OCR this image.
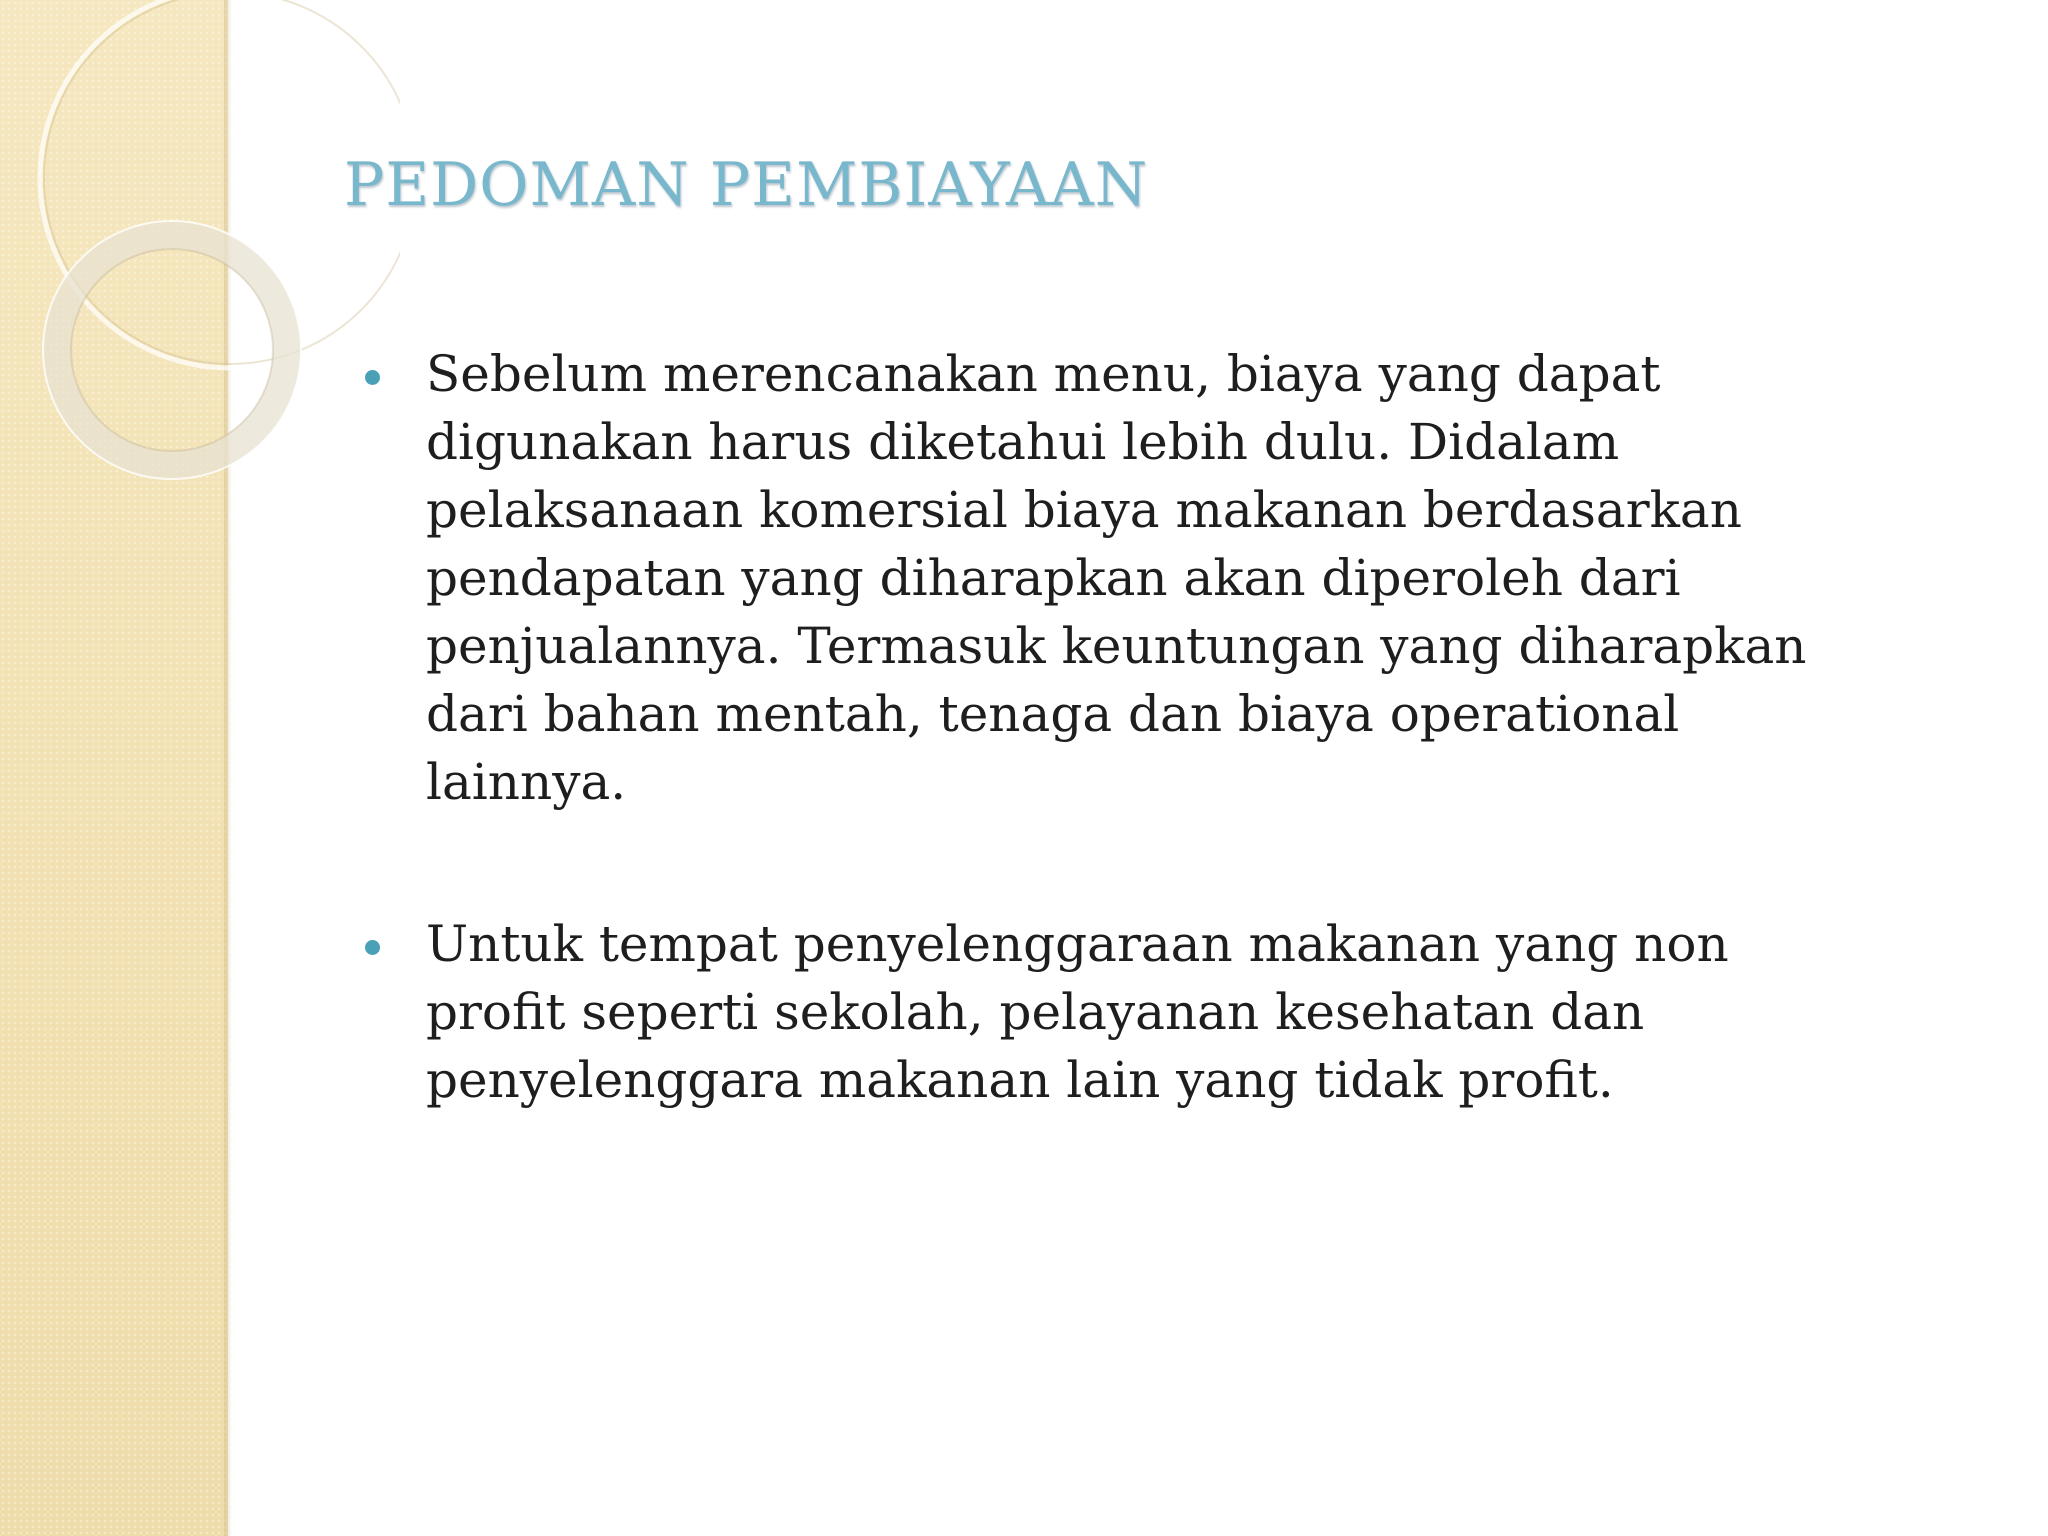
PEDOMAN PEMBIAYAAN
Sebelum merencanakan menu, biaya yang dapat
digunakan harus diketahui lebih dulu. Didalam
pelaksanaan komersial biaya makanan berdasarkan
pendapatan yang diharapkan akan diperoleh dari
penjualannya. Termasuk keuntungan yang diharapkan
dari bahan mentah, tenaga dan biaya operational
lainnya.
Untuk tempat penyelenggaraan makanan yang non
profit seperti sekolah, pelayanan kesehatan dan
penyelenggara makanan lain yang tidak profit.
